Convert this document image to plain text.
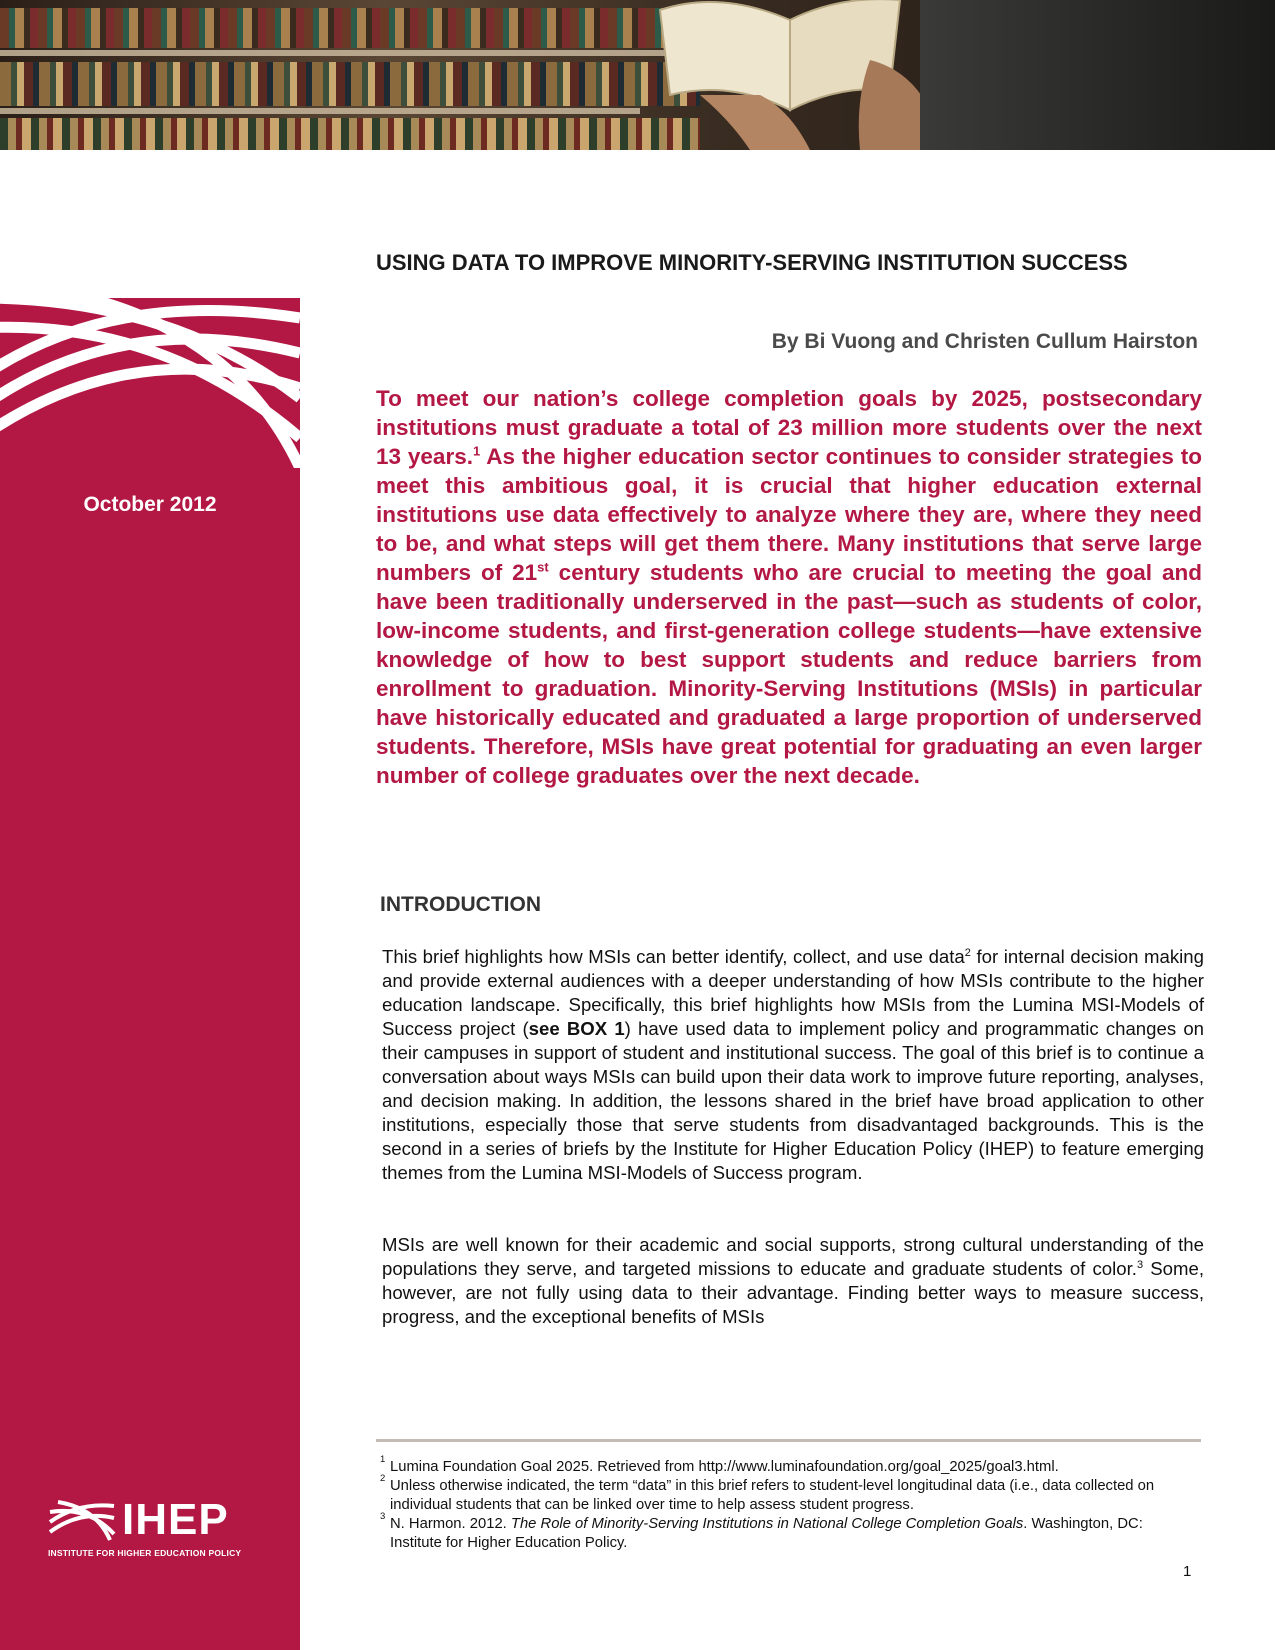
October 2012
IHEP
INSTITUTE FOR HIGHER EDUCATION POLICY
USING DATA TO IMPROVE MINORITY-SERVING INSTITUTION SUCCESS

By Bi Vuong and Christen Cullum Hairston

To meet our nation’s college completion goals by 2025, postsecondary institutions must graduate a total of 23 million more students over the next 13 years.$^1$ As the higher education sector continues to consider strategies to meet this ambitious goal, it is crucial that higher education external institutions use data effectively to analyze where they are, where they need to be, and what steps will get them there. Many institutions that serve large numbers of 21st century students who are crucial to meeting the goal and have been traditionally underserved in the past—such as students of color, low-income students, and first-generation college students—have extensive knowledge of how to best support students and reduce barriers from enrollment to graduation. Minority-Serving Institutions (MSIs) in particular have historically educated and graduated a large proportion of underserved students. Therefore, MSIs have great potential for graduating an even larger number of college graduates over the next decade.

INTRODUCTION

This brief highlights how MSIs can better identify, collect, and use data$^2$ for internal decision making and provide external audiences with a deeper understanding of how MSIs contribute to the higher education landscape. Specifically, this brief highlights how MSIs from the Lumina MSI-Models of Success project (see BOX 1) have used data to implement policy and programmatic changes on their campuses in support of student and institutional success. The goal of this brief is to continue a conversation about ways MSIs can build upon their data work to improve future reporting, analyses, and decision making. In addition, the lessons shared in the brief have broad application to other institutions, especially those that serve students from disadvantaged backgrounds. This is the second in a series of briefs by the Institute for Higher Education Policy (IHEP) to feature emerging themes from the Lumina MSI-Models of Success program.

MSIs are well known for their academic and social supports, strong cultural understanding of the populations they serve, and targeted missions to educate and graduate students of color.$^3$ Some, however, are not fully using data to their advantage. Finding better ways to measure success, progress, and the exceptional benefits of MSIs

1 Lumina Foundation Goal 2025. Retrieved from http://www.luminafoundation.org/goal_2025/goal3.html.

2 Unless otherwise indicated, the term “data” in this brief refers to student-level longitudinal data (i.e., data collected on individual students that can be linked over time to help assess student progress.

3 N. Harmon. 2012. The Role of Minority-Serving Institutions in National College Completion Goals. Washington, DC: Institute for Higher Education Policy.

1
